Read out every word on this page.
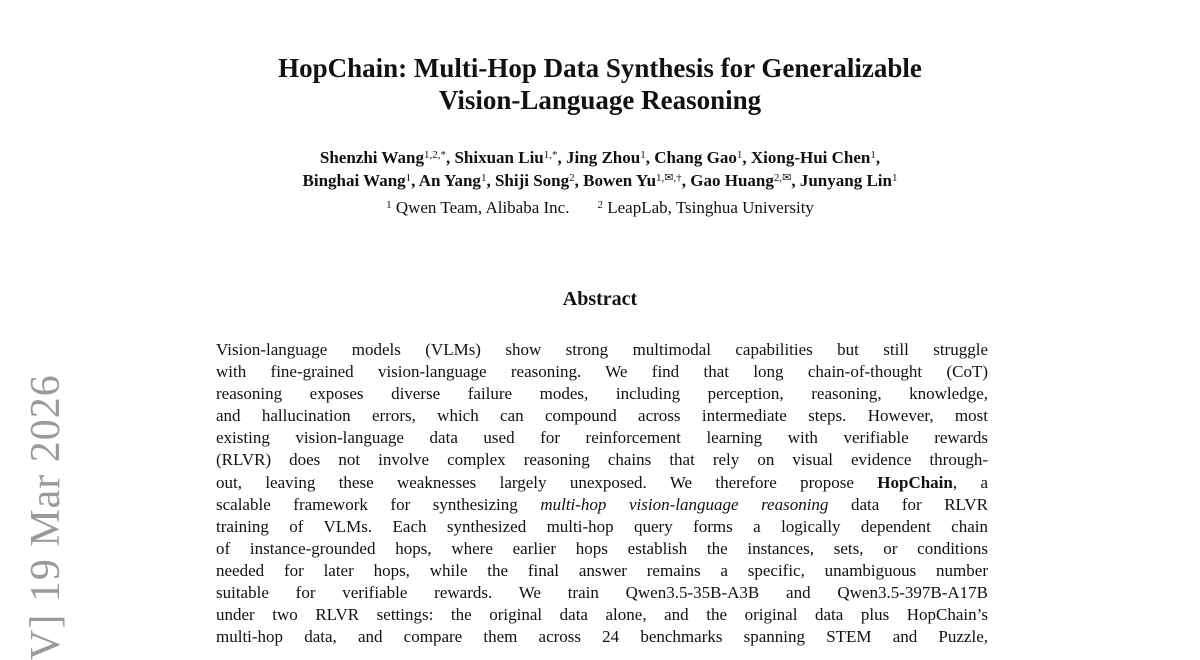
HopChain: Multi-Hop Data Synthesis for Generalizable
Vision-Language Reasoning
Shenzhi Wang$^{1,2,*}$, Shixuan Liu$^{1,*}$, Jing Zhou$^1$, Chang Gao$^1$, Xiong-Hui Chen$^1$,
Binghai Wang$^1$, An Yang$^1$, Shiji Song$^2$, Bowen $Yu^{1,✉,\dagger}$, Gao Huang$^{2,✉}$, Junyang Lin$^1$
$^1$ Qwen Team, Alibaba Inc.	$^2$ LeapLab, Tsinghua University
Abstract
Vision-language models (VLMs) show strong multimodal capabilities but still struggle
with fine-grained vision-language reasoning. We find that long chain-of-thought (CoT)
reasoning exposes diverse failure modes, including perception, reasoning, knowledge,
and hallucination errors, which can compound across intermediate steps. However, most
existing vision-language data used for reinforcement learning with verifiable rewards
(RLVR) does not involve complex reasoning chains that rely on visual evidence through-
out, leaving these weaknesses largely unexposed. We therefore propose HopChain, a
scalable framework for synthesizing multi-hop vision-language reasoning data for RLVR
training of VLMs. Each synthesized multi-hop query forms a logically dependent chain
of instance-grounded hops, where earlier hops establish the instances, sets, or conditions
needed for later hops, while the final answer remains a specific, unambiguous number
suitable for verifiable rewards. We train Qwen3.5-35B-A3B and Qwen3.5-397B-A17B
under two RLVR settings: the original data alone, and the original data plus HopChain’s
multi-hop data, and compare them across 24 benchmarks spanning STEM and Puzzle,
V] 19 Mar 2026
